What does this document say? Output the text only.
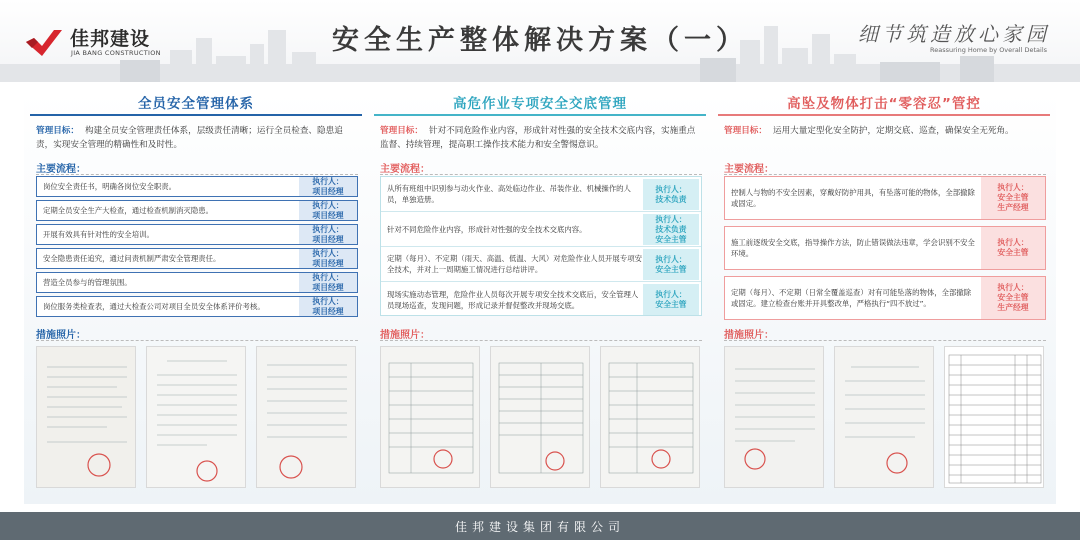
佳邦建设
JIA BANG CONSTRUCTION	安全生产整体解决方案（一）	细节筑造放心家园
Reassuring Home by Overall Details
全员安全管理体系
管理目标： 构建全员安全管理责任体系，层级责任清晰；运行全员检查、隐患追责，实现安全管理的精确性和及时性。
主要流程：
岗位安全责任书，明确各岗位安全职责。
执行人：
项目经理
定期全员安全生产大检查，通过检查机制消灭隐患。
执行人：
项目经理
开展有效具有针对性的安全培训。
执行人：
项目经理
安全隐患责任追究，通过问责机制严肃安全管理责任。
执行人：
项目经理
营造全员参与的管理氛围。
执行人：
项目经理
岗位服务类检查表，通过大检查公司对项目全员安全体系评价考核。
执行人：
项目经理
措施照片：
高危作业专项安全交底管理
管理目标： 针对不同危险作业内容，形成针对性强的安全技术交底内容，实施重点监督、持续管理，提高职工操作技术能力和安全警惕意识。
主要流程：
从所有班组中识别参与动火作业、高处临边作业、吊装作业、机械操作的人员，单独造册。
执行人：
技术负责
针对不同危险作业内容，形成针对性强的安全技术交底内容。
执行人：
技术负责
安全主管
定期（每月）、不定期（雨天、高温、低温、大风）对危险作业人员开展专项安全技术，并对上一周期施工情况进行总结讲评。
执行人：
安全主管
现场实施动态管理，危险作业人员每次开展专项安全技术交底后，安全管理人员现场巡查，发现问题，形成记录并督促整改并现场交底。
执行人：
安全主管
措施照片：
高坠及物体打击“零容忍”管控
管理目标： 运用大量定型化安全防护，定期交底、巡查，确保安全无死角。
主要流程：
控制人与物的不安全因素，穿戴好防护用具，有坠落可能的物体，全部撤除或固定。
执行人：
安全主管
生产经理
施工前逐级安全交底，指导操作方法，防止错误做法违章，学会识别不安全环境。
执行人：
安全主管
定期（每月）、不定期（日常全覆盖巡查）对有可能坠落的物体，全部撤除或固定。建立检查台账并开具整改单，严格执行“四不放过”。
执行人：
安全主管
生产经理
措施照片：
佳邦建设集团有限公司
